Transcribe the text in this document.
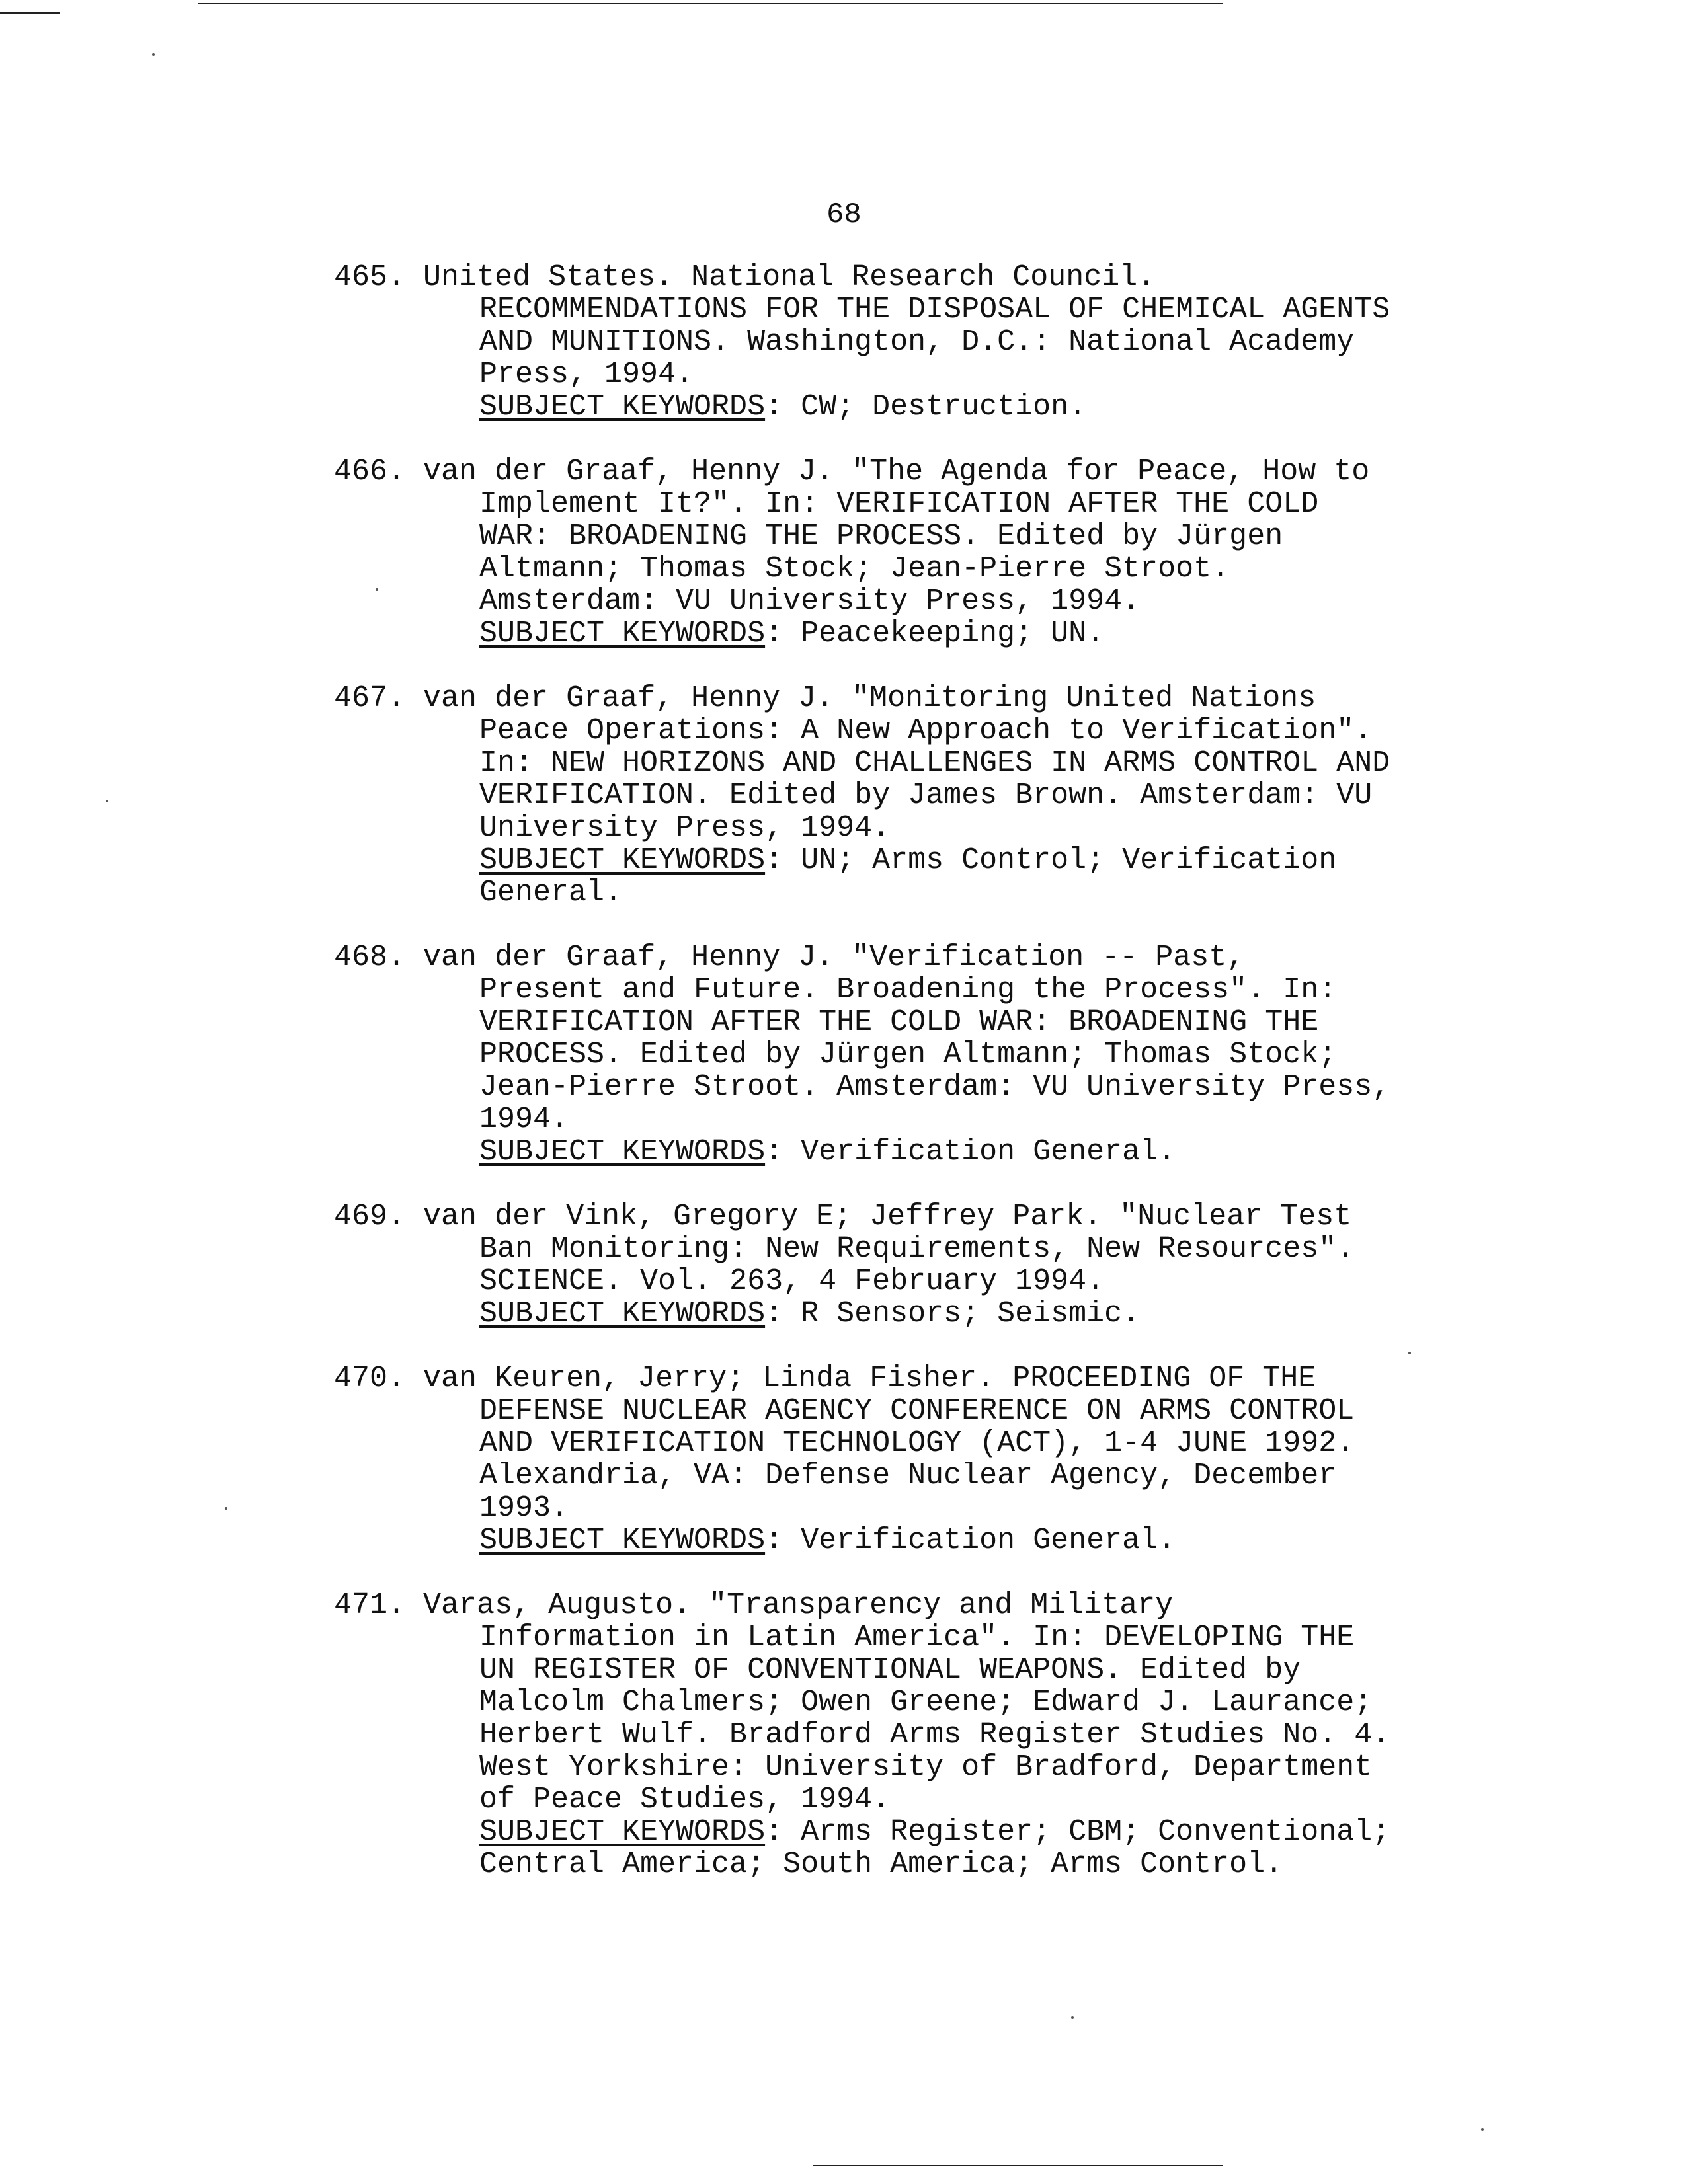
68
465. United States. National Research Council.
RECOMMENDATIONS FOR THE DISPOSAL OF CHEMICAL AGENTS
AND MUNITIONS. Washington, D.C.: National Academy
Press, 1994.
SUBJECT KEYWORDS: CW; Destruction.
466. van der Graaf, Henny J. "The Agenda for Peace, How to
Implement It?". In: VERIFICATION AFTER THE COLD
WAR: BROADENING THE PROCESS. Edited by Jürgen
Altmann; Thomas Stock; Jean-Pierre Stroot.
Amsterdam: VU University Press, 1994.
SUBJECT KEYWORDS: Peacekeeping; UN.
467. van der Graaf, Henny J. "Monitoring United Nations
Peace Operations: A New Approach to Verification".
In: NEW HORIZONS AND CHALLENGES IN ARMS CONTROL AND
VERIFICATION. Edited by James Brown. Amsterdam: VU
University Press, 1994.
SUBJECT KEYWORDS: UN; Arms Control; Verification
General.
468. van der Graaf, Henny J. "Verification -- Past,
Present and Future. Broadening the Process". In:
VERIFICATION AFTER THE COLD WAR: BROADENING THE
PROCESS. Edited by Jürgen Altmann; Thomas Stock;
Jean-Pierre Stroot. Amsterdam: VU University Press,
1994.
SUBJECT KEYWORDS: Verification General.
469. van der Vink, Gregory E; Jeffrey Park. "Nuclear Test
Ban Monitoring: New Requirements, New Resources".
SCIENCE. Vol. 263, 4 February 1994.
SUBJECT KEYWORDS: R Sensors; Seismic.
470. van Keuren, Jerry; Linda Fisher. PROCEEDING OF THE
DEFENSE NUCLEAR AGENCY CONFERENCE ON ARMS CONTROL
AND VERIFICATION TECHNOLOGY (ACT), 1-4 JUNE 1992.
Alexandria, VA: Defense Nuclear Agency, December
1993.
SUBJECT KEYWORDS: Verification General.
471. Varas, Augusto. "Transparency and Military
Information in Latin America". In: DEVELOPING THE
UN REGISTER OF CONVENTIONAL WEAPONS. Edited by
Malcolm Chalmers; Owen Greene; Edward J. Laurance;
Herbert Wulf. Bradford Arms Register Studies No. 4.
West Yorkshire: University of Bradford, Department
of Peace Studies, 1994.
SUBJECT KEYWORDS: Arms Register; CBM; Conventional;
Central America; South America; Arms Control.
